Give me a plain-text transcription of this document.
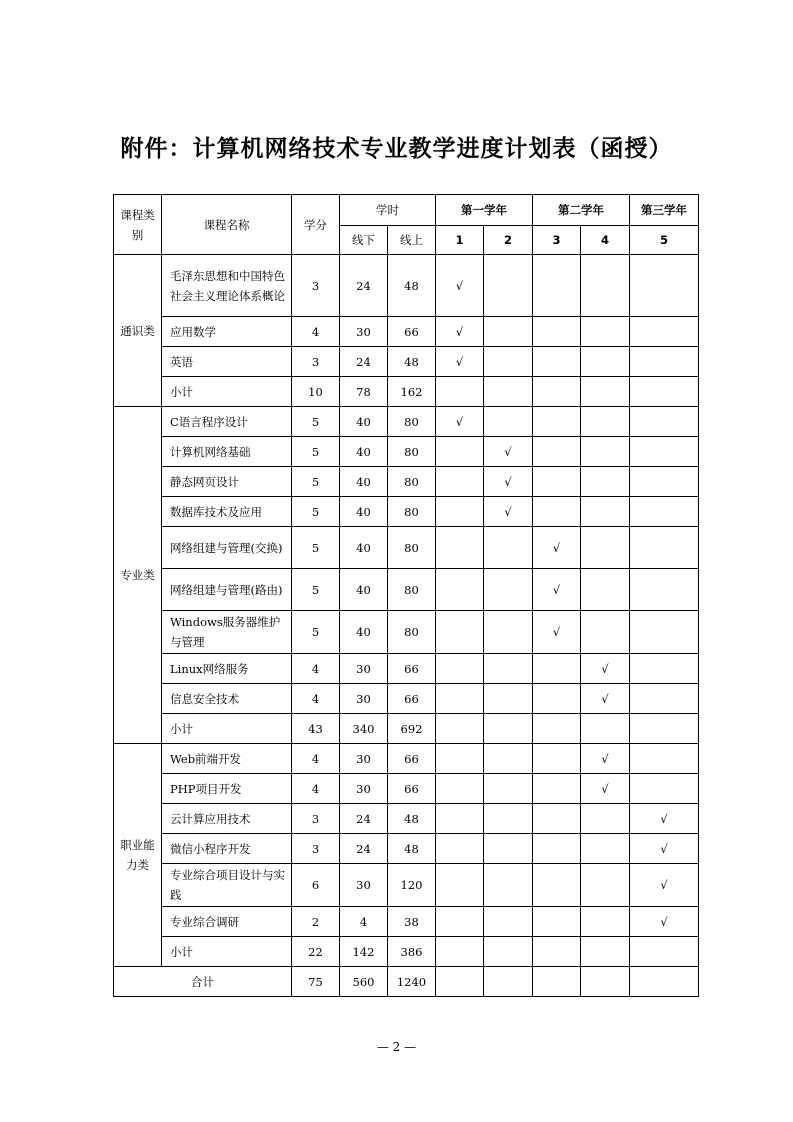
附件：计算机网络技术专业教学进度计划表（函授）
课程类别	课程名称	学分	学时		第一学年		第二学年		第三学年
			线下	线上	1	2	3	4	5
通识类	毛泽东思想和中国特色社会主义理论体系概论	3	24	48	√				
	应用数学	4	30	66	√				
	英语	3	24	48	√				
	小计	10	78	162					
专业类	C语言程序设计	5	40	80	√				
	计算机网络基础	5	40	80		√			
	静态网页设计	5	40	80		√			
	数据库技术及应用	5	40	80		√			
	网络组建与管理(交换)	5	40	80			√		
	网络组建与管理(路由)	5	40	80			√		
	Windows服务器维护与管理	5	40	80			√		
	Linux网络服务	4	30	66				√	
	信息安全技术	4	30	66				√	
	小计	43	340	692					
职业能力类	Web前端开发	4	30	66				√	
	PHP项目开发	4	30	66				√	
	云计算应用技术	3	24	48					√
	微信小程序开发	3	24	48					√
	专业综合项目设计与实践	6	30	120					√
	专业综合调研	2	4	38					√
	小计	22	142	386					
合计		75	560	1240					
— 2 —
